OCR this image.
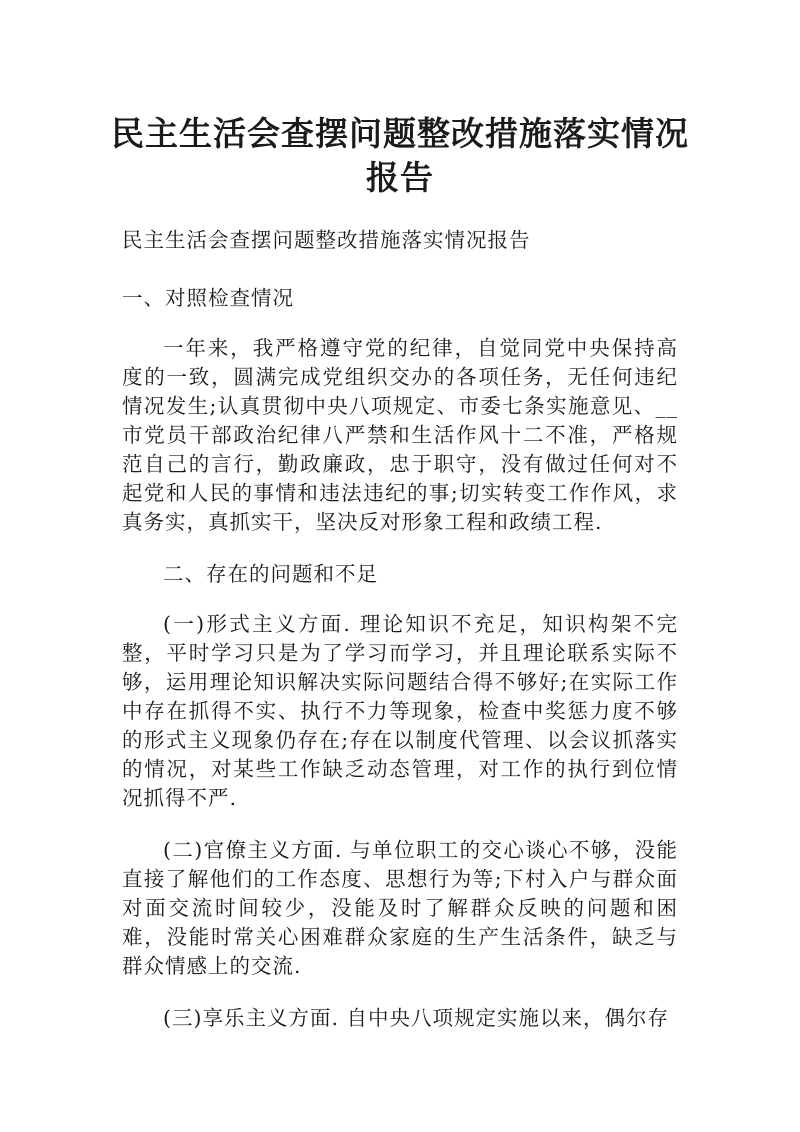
民主生活会查摆问题整改措施落实情况报告

民主生活会查摆问题整改措施落实情况报告

一、对照检查情况

一年来，我严格遵守党的纪律，自觉同党中央保持高度的一致，圆满完成党组织交办的各项任务，无任何违纪情况发生;认真贯彻中央八项规定、市委七条实施意见、__市党员干部政治纪律八严禁和生活作风十二不准，严格规范自己的言行，勤政廉政，忠于职守，没有做过任何对不起党和人民的事情和违法违纪的事;切实转变工作作风，求真务实，真抓实干，坚决反对形象工程和政绩工程.

二、存在的问题和不足

(一)形式主义方面. 理论知识不充足，知识构架不完整，平时学习只是为了学习而学习，并且理论联系实际不够，运用理论知识解决实际问题结合得不够好;在实际工作中存在抓得不实、执行不力等现象，检查中奖惩力度不够的形式主义现象仍存在;存在以制度代管理、以会议抓落实的情况，对某些工作缺乏动态管理，对工作的执行到位情况抓得不严.

(二)官僚主义方面. 与单位职工的交心谈心不够，没能直接了解他们的工作态度、思想行为等;下村入户与群众面对面交流时间较少，没能及时了解群众反映的问题和困难，没能时常关心困难群众家庭的生产生活条件，缺乏与群众情感上的交流.

(三)享乐主义方面. 自中央八项规定实施以来，偶尔存
